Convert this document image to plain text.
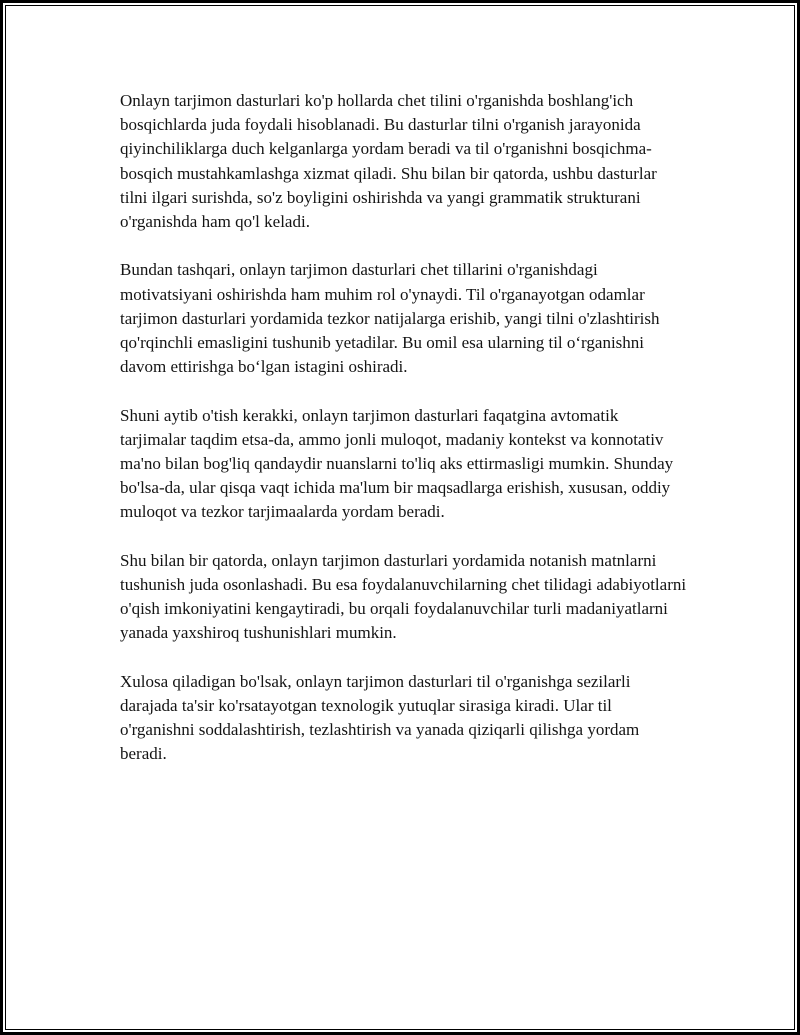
Onlayn tarjimon dasturlari ko'p hollarda chet tilini o'rganishda boshlang'ich bosqichlarda juda foydali hisoblanadi. Bu dasturlar tilni o'rganish jarayonida qiyinchiliklarga duch kelganlarga yordam beradi va til o'rganishni bosqichma-bosqich mustahkamlashga xizmat qiladi. Shu bilan bir qatorda, ushbu dasturlar tilni ilgari surishda, so'z boyligini oshirishda va yangi grammatik strukturani o'rganishda ham qo'l keladi.

Bundan tashqari, onlayn tarjimon dasturlari chet tillarini o'rganishdagi motivatsiyani oshirishda ham muhim rol o'ynaydi. Til o'rganayotgan odamlar tarjimon dasturlari yordamida tezkor natijalarga erishib, yangi tilni o'zlashtirish qo'rqinchli emasligini tushunib yetadilar. Bu omil esa ularning til o‘rganishni davom ettirishga bo‘lgan istagini oshiradi.

Shuni aytib o'tish kerakki, onlayn tarjimon dasturlari faqatgina avtomatik tarjimalar taqdim etsa-da, ammo jonli muloqot, madaniy kontekst va konnotativ ma'no bilan bog'liq qandaydir nuanslarni to'liq aks ettirmasligi mumkin. Shunday bo'lsa-da, ular qisqa vaqt ichida ma'lum bir maqsadlarga erishish, xususan, oddiy muloqot va tezkor tarjimaalarda yordam beradi.

Shu bilan bir qatorda, onlayn tarjimon dasturlari yordamida notanish matnlarni tushunish juda osonlashadi. Bu esa foydalanuvchilarning chet tilidagi adabiyotlarni o'qish imkoniyatini kengaytiradi, bu orqali foydalanuvchilar turli madaniyatlarni yanada yaxshiroq tushunishlari mumkin.

Xulosa qiladigan bo'lsak, onlayn tarjimon dasturlari til o'rganishga sezilarli darajada ta'sir ko'rsatayotgan texnologik yutuqlar sirasiga kiradi. Ular til o'rganishni soddalashtirish, tezlashtirish va yanada qiziqarli qilishga yordam beradi.
